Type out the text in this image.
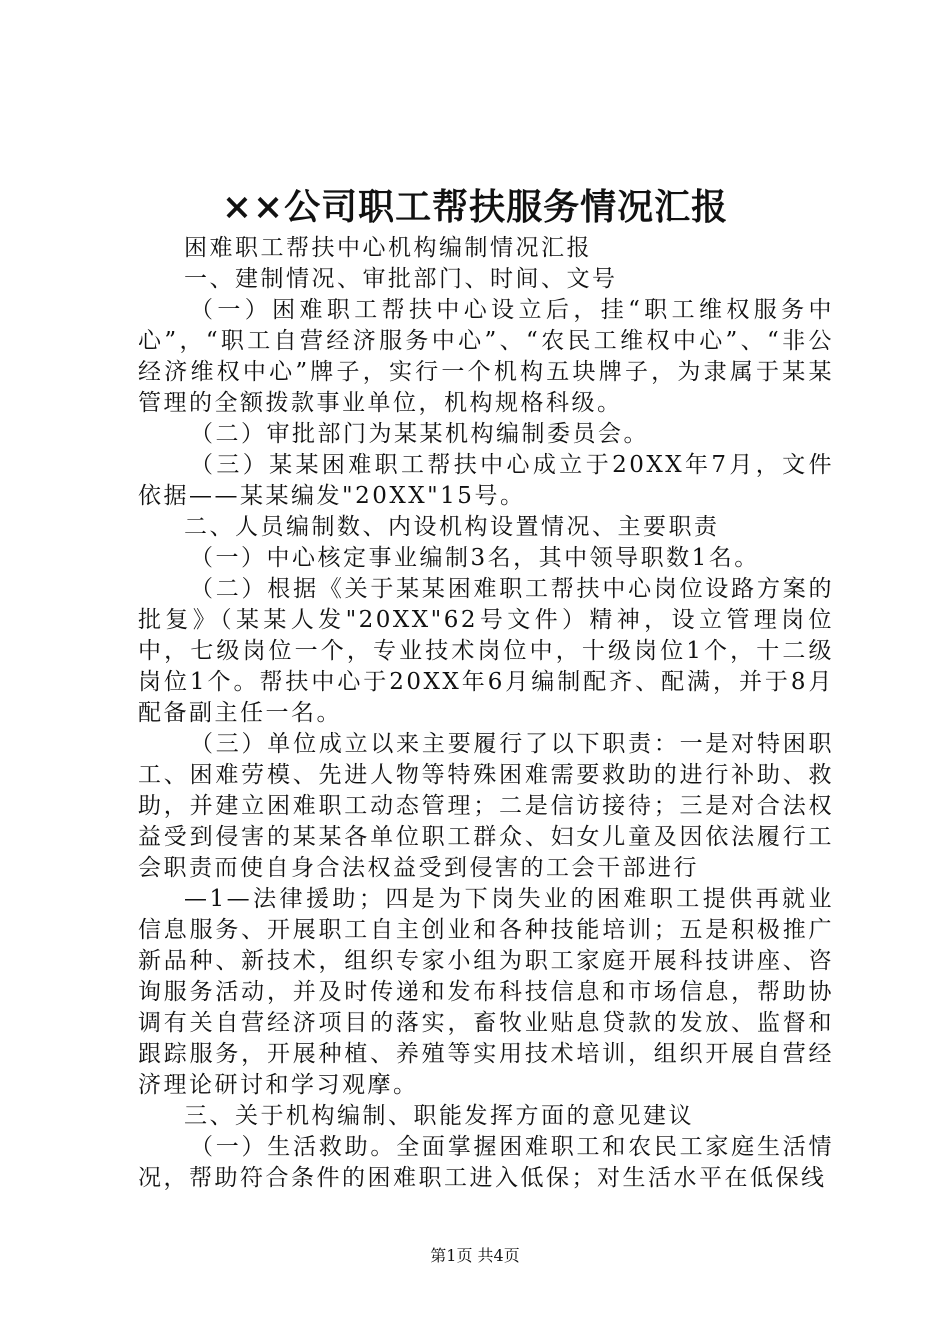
××公司职工帮扶服务情况汇报

困难职工帮扶中心机构编制情况汇报

一、建制情况、审批部门、时间、文号

（一）困难职工帮扶中心设立后，挂“职工维权服务中心”，“职工自营经济服务中心”、“农民工维权中心”、“非公经济维权中心”牌子，实行一个机构五块牌子，为隶属于某某管理的全额拨款事业单位，机构规格科级。

（二）审批部门为某某机构编制委员会。

（三）某某困难职工帮扶中心成立于20XX年7月，文件依据——某某编发"20XX"15号。

二、人员编制数、内设机构设置情况、主要职责

（一）中心核定事业编制3名，其中领导职数1名。

（二）根据《关于某某困难职工帮扶中心岗位设路方案的批复》（某某人发"20XX"62号文件）精神，设立管理岗位中，七级岗位一个，专业技术岗位中，十级岗位1个，十二级岗位1个。帮扶中心于20XX年6月编制配齐、配满，并于8月配备副主任一名。

（三）单位成立以来主要履行了以下职责：一是对特困职工、困难劳模、先进人物等特殊困难需要救助的进行补助、救助，并建立困难职工动态管理；二是信访接待；三是对合法权益受到侵害的某某各单位职工群众、妇女儿童及因依法履行工会职责而使自身合法权益受到侵害的工会干部进行

—1—法律援助；四是为下岗失业的困难职工提供再就业信息服务、开展职工自主创业和各种技能培训；五是积极推广新品种、新技术，组织专家小组为职工家庭开展科技讲座、咨询服务活动，并及时传递和发布科技信息和市场信息，帮助协调有关自营经济项目的落实，畜牧业贴息贷款的发放、监督和跟踪服务，开展种植、养殖等实用技术培训，组织开展自营经济理论研讨和学习观摩。

三、关于机构编制、职能发挥方面的意见建议

（一）生活救助。全面掌握困难职工和农民工家庭生活情况，帮助符合条件的困难职工进入低保；对生活水平在低保线

第1页 共4页
